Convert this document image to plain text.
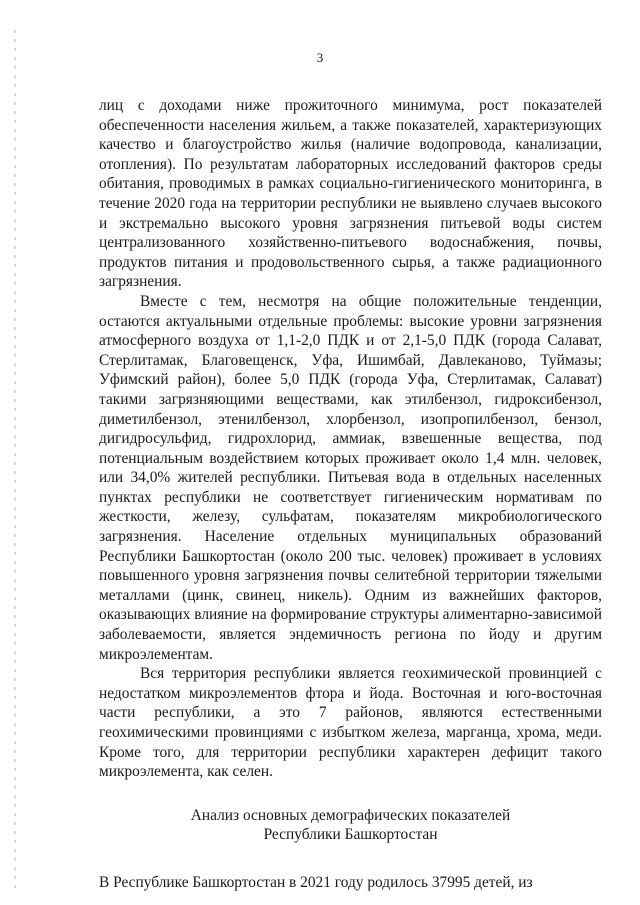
3

лиц с доходами ниже прожиточного минимума, рост показателей обеспеченности населения жильем, а также показателей, характеризующих качество и благоустройство жилья (наличие водопровода, канализации, отопления). По результатам лабораторных исследований факторов среды обитания, проводимых в рамках социально-гигиенического мониторинга, в течение 2020 года на территории республики не выявлено случаев высокого и экстремально высокого уровня загрязнения питьевой воды систем централизованного хозяйственно-питьевого водоснабжения, почвы, продуктов питания и продовольственного сырья, а также радиационного загрязнения.

Вместе с тем, несмотря на общие положительные тенденции, остаются актуальными отдельные проблемы: высокие уровни загрязнения атмосферного воздуха от 1,1-2,0 ПДК и от 2,1-5,0 ПДК (города Салават, Стерлитамак, Благовещенск, Уфа, Ишимбай, Давлеканово, Туймазы; Уфимский район), более 5,0 ПДК (города Уфа, Стерлитамак, Салават) такими загрязняющими веществами, как этилбензол, гидроксибензол, диметилбензол, этенилбензол, хлорбензол, изопропилбензол, бензол, дигидросульфид, гидрохлорид, аммиак, взвешенные вещества, под потенциальным воздействием которых проживает около 1,4 млн. человек, или 34,0% жителей республики. Питьевая вода в отдельных населенных пунктах республики не соответствует гигиеническим нормативам по жесткости, железу, сульфатам, показателям микробиологического загрязнения. Население отдельных муниципальных образований Республики Башкортостан (около 200 тыс. человек) проживает в условиях повышенного уровня загрязнения почвы селитебной территории тяжелыми металлами (цинк, свинец, никель). Одним из важнейших факторов, оказывающих влияние на формирование структуры алиментарно-зависимой заболеваемости, является эндемичность региона по йоду и другим микроэлементам.

Вся территория республики является геохимической провинцией с недостатком микроэлементов фтора и йода. Восточная и юго-восточная части республики, а это 7 районов, являются естественными геохимическими провинциями с избытком железа, марганца, хрома, меди. Кроме того, для территории республики характерен дефицит такого микроэлемента, как селен.

Анализ основных демографических показателей
Республики Башкортостан

В Республике Башкортостан в 2021 году родилось 37995 детей, из
